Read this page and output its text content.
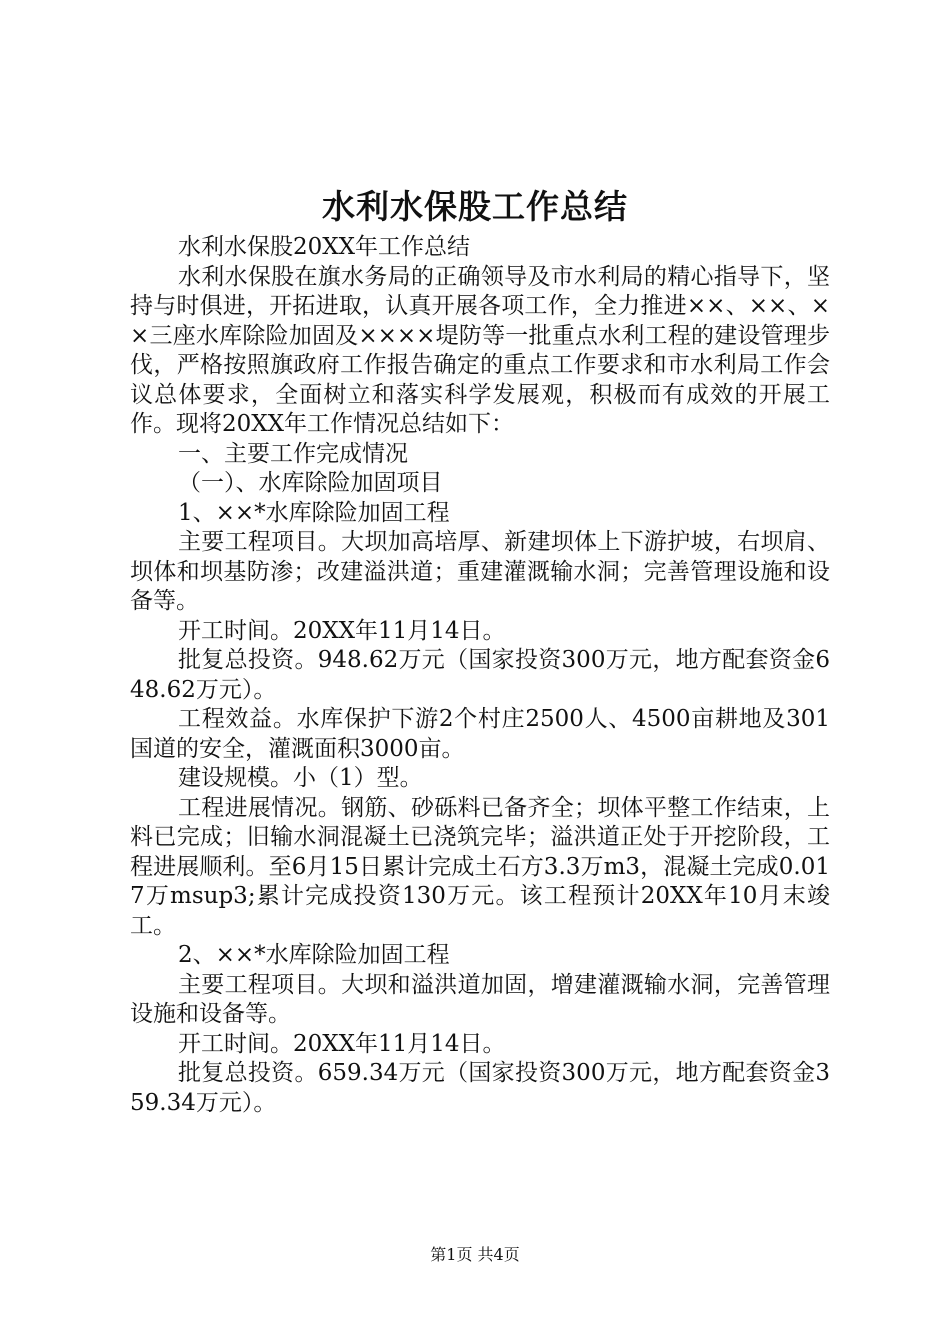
水利水保股工作总结

水利水保股20XX年工作总结

水利水保股在旗水务局的正确领导及市水利局的精心指导下，坚持与时俱进，开拓进取，认真开展各项工作，全力推进××、××、××三座水库除险加固及××××堤防等一批重点水利工程的建设管理步伐，严格按照旗政府工作报告确定的重点工作要求和市水利局工作会议总体要求，全面树立和落实科学发展观，积极而有成效的开展工作。现将20XX年工作情况总结如下：

一、主要工作完成情况

（一）、水库除险加固项目

1、××*水库除险加固工程

主要工程项目。大坝加高培厚、新建坝体上下游护坡，右坝肩、坝体和坝基防渗；改建溢洪道；重建灌溉输水洞；完善管理设施和设备等。

开工时间。20XX年11月14日。

批复总投资。948.62万元（国家投资300万元，地方配套资金648.62万元）。

工程效益。水库保护下游2个村庄2500人、4500亩耕地及301国道的安全，灌溉面积3000亩。

建设规模。小（1）型。

工程进展情况。钢筋、砂砾料已备齐全；坝体平整工作结束，上料已完成；旧输水洞混凝土已浇筑完毕；溢洪道正处于开挖阶段，工程进展顺利。至6月15日累计完成土石方3.3万m3，混凝土完成0.017万msup3;累计完成投资130万元。该工程预计20XX年10月末竣工。

2、××*水库除险加固工程

主要工程项目。大坝和溢洪道加固，增建灌溉输水洞，完善管理设施和设备等。

开工时间。20XX年11月14日。

批复总投资。659.34万元（国家投资300万元，地方配套资金359.34万元）。

第1页 共4页
